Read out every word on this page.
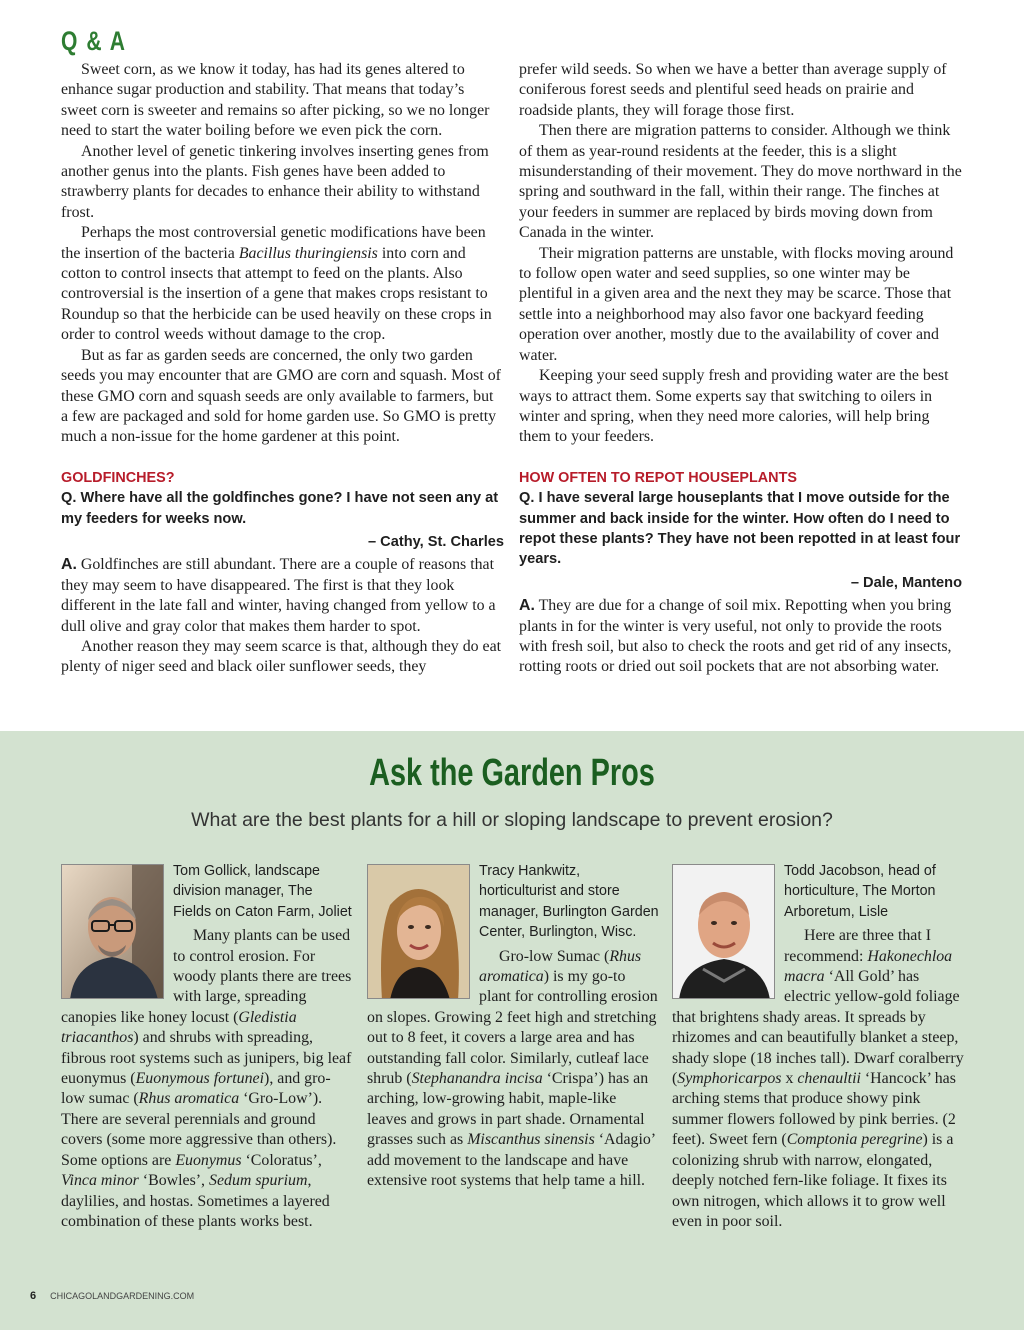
Q & A

Sweet corn, as we know it today, has had its genes altered to enhance sugar production and stability. That means that today’s sweet corn is sweeter and remains so after picking, so we no longer need to start the water boiling before we even pick the corn.

Another level of genetic tinkering involves inserting genes from another genus into the plants. Fish genes have been added to strawberry plants for decades to enhance their ability to withstand frost.

Perhaps the most controversial genetic modifications have been the insertion of the bacteria Bacillus thuringiensis into corn and cotton to control insects that attempt to feed on the plants. Also controversial is the insertion of a gene that makes crops resistant to Roundup so that the herbicide can be used heavily on these crops in order to control weeds without damage to the crop.

But as far as garden seeds are concerned, the only two garden seeds you may encounter that are GMO are corn and squash. Most of these GMO corn and squash seeds are only available to farmers, but a few are packaged and sold for home garden use. So GMO is pretty much a non-issue for the home gardener at this point.

GOLDFINCHES?
Q. Where have all the goldfinches gone? I have not seen any at my feeders for weeks now.
– Cathy, St. Charles

A. Goldfinches are still abundant. There are a couple of reasons that they may seem to have disappeared. The first is that they look different in the late fall and winter, having changed from yellow to a dull olive and gray color that makes them harder to spot.

Another reason they may seem scarce is that, although they do eat plenty of niger seed and black oiler sunflower seeds, they

prefer wild seeds. So when we have a better than average supply of coniferous forest seeds and plentiful seed heads on prairie and roadside plants, they will forage those first.

Then there are migration patterns to consider. Although we think of them as year-round residents at the feeder, this is a slight misunderstanding of their movement. They do move northward in the spring and southward in the fall, within their range. The finches at your feeders in summer are replaced by birds moving down from Canada in the winter.

Their migration patterns are unstable, with flocks moving around to follow open water and seed supplies, so one winter may be plentiful in a given area and the next they may be scarce. Those that settle into a neighborhood may also favor one backyard feeding operation over another, mostly due to the availability of cover and water.

Keeping your seed supply fresh and providing water are the best ways to attract them. Some experts say that switching to oilers in winter and spring, when they need more calories, will help bring them to your feeders.

HOW OFTEN TO REPOT HOUSEPLANTS
Q. I have several large houseplants that I move outside for the summer and back inside for the winter. How often do I need to repot these plants? They have not been repotted in at least four years.
– Dale, Manteno

A. They are due for a change of soil mix. Repotting when you bring plants in for the winter is very useful, not only to provide the roots with fresh soil, but also to check the roots and get rid of any insects, rotting roots or dried out soil pockets that are not absorbing water.

Ask the Garden Pros
What are the best plants for a hill or sloping landscape to prevent erosion?
Tom Gollick, landscape division manager, The Fields on Caton Farm, Joliet

Many plants can be used to control erosion. For woody plants there are trees with large, spreading canopies like honey locust (Gledistia triacanthos) and shrubs with spreading, fibrous root systems such as junipers, big leaf euonymus (Euonymous fortunei), and gro-low sumac (Rhus aromatica ‘Gro-Low’). There are several perennials and ground covers (some more aggressive than others). Some options are Euonymus ‘Coloratus’, Vinca minor ‘Bowles’, Sedum spurium, daylilies, and hostas. Sometimes a layered combination of these plants works best.

Tracy Hankwitz, horticulturist and store manager, Burlington Garden Center, Burlington, Wisc.

Gro-low Sumac (Rhus aromatica) is my go-to plant for controlling erosion on slopes. Growing 2 feet high and stretching out to 8 feet, it covers a large area and has outstanding fall color. Similarly, cutleaf lace shrub (Stephanandra incisa ‘Crispa’) has an arching, low-growing habit, maple-like leaves and grows in part shade. Ornamental grasses such as Miscanthus sinensis ‘Adagio’ add movement to the landscape and have extensive root systems that help tame a hill.

Todd Jacobson, head of horticulture, The Morton Arboretum, Lisle

Here are three that I recommend: Hakonechloa macra ‘All Gold’ has electric yellow-gold foliage that brightens shady areas. It spreads by rhizomes and can beautifully blanket a steep, shady slope (18 inches tall). Dwarf coralberry (Symphoricarpos x chenaultii ‘Hancock’ has arching stems that produce showy pink summer flowers followed by pink berries. (2 feet). Sweet fern (Comptonia peregrine) is a colonizing shrub with narrow, elongated, deeply notched fern-like foliage. It fixes its own nitrogen, which allows it to grow well even in poor soil.

6 CHICAGOLANDGARDENING.COM
